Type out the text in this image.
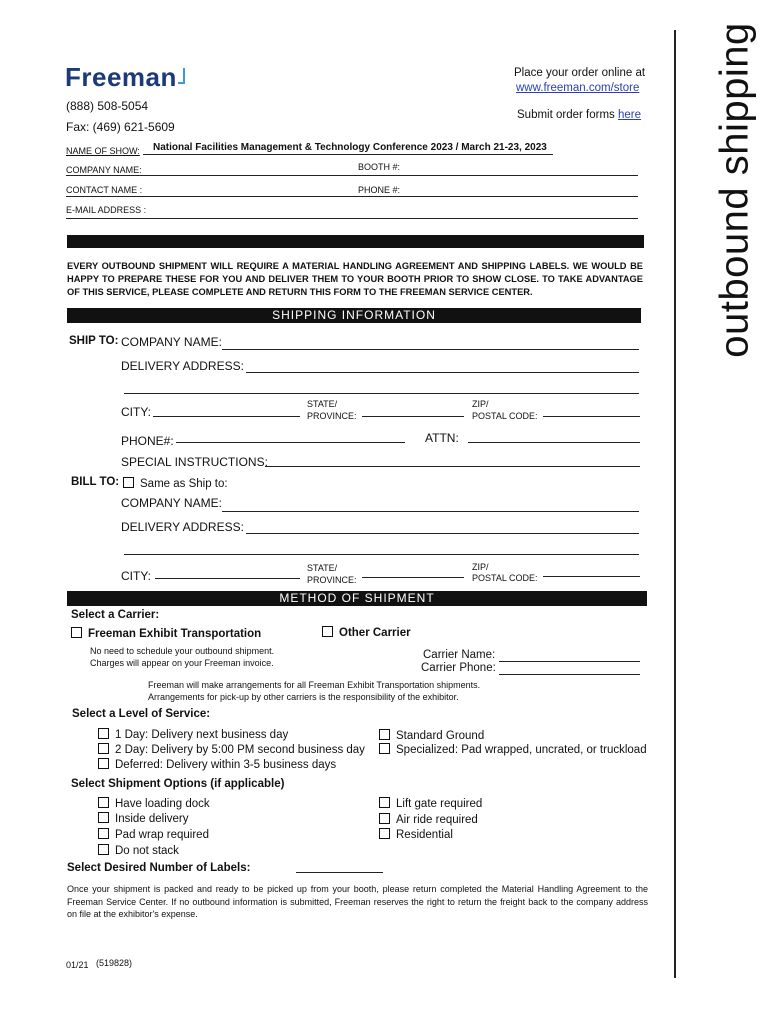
Freeman
(888) 508-5054
Fax: (469) 621-5609
Place your order online at
www.freeman.com/store
Submit order forms here outbound shipping
NAME OF SHOW: National Facilities Management & Technology Conference 2023 / March 21-23, 2023
COMPANY NAME:	BOOTH #:
CONTACT NAME :	PHONE #:
E-MAIL ADDRESS :
EVERY OUTBOUND SHIPMENT WILL REQUIRE A MATERIAL HANDLING AGREEMENT AND SHIPPING LABELS. WE WOULD BE HAPPY TO PREPARE THESE FOR YOU AND DELIVER THEM TO YOUR BOOTH PRIOR TO SHOW CLOSE. TO TAKE ADVANTAGE OF THIS SERVICE, PLEASE COMPLETE AND RETURN THIS FORM TO THE FREEMAN SERVICE CENTER.
SHIPPING INFORMATION
SHIP TO: COMPANY NAME:
DELIVERY ADDRESS:
CITY:
STATE/
PROVINCE:
ZIP/
POSTAL CODE:
PHONE#:	ATTN:
SPECIAL INSTRUCTIONS:
BILL TO:	Same as Ship to:
COMPANY NAME:
DELIVERY ADDRESS:
CITY:
STATE/
PROVINCE:
ZIP/
POSTAL CODE:
METHOD OF SHIPMENT
Select a Carrier:
Freeman Exhibit Transportation	Other Carrier
No need to schedule your outbound shipment.
Charges will appear on your Freeman invoice.
Carrier Name:
Carrier Phone:
Freeman will make arrangements for all Freeman Exhibit Transportation shipments.
Arrangements for pick-up by other carriers is the responsibility of the exhibitor.
Select a Level of Service:
1 Day: Delivery next business day
2 Day: Delivery by 5:00 PM second business day
Deferred: Delivery within 3-5 business days
Standard Ground
Specialized: Pad wrapped, uncrated, or truckload
Select Shipment Options (if applicable)
Have loading dock
Inside delivery
Pad wrap required
Do not stack
Lift gate required
Air ride required
Residential
Select Desired Number of Labels:
Once your shipment is packed and ready to be picked up from your booth, please return completed the Material Handling Agreement to the Freeman Service Center. If no outbound information is submitted, Freeman reserves the right to return the freight back to the company address on file at the exhibitor's expense.
01/21 (519828)
